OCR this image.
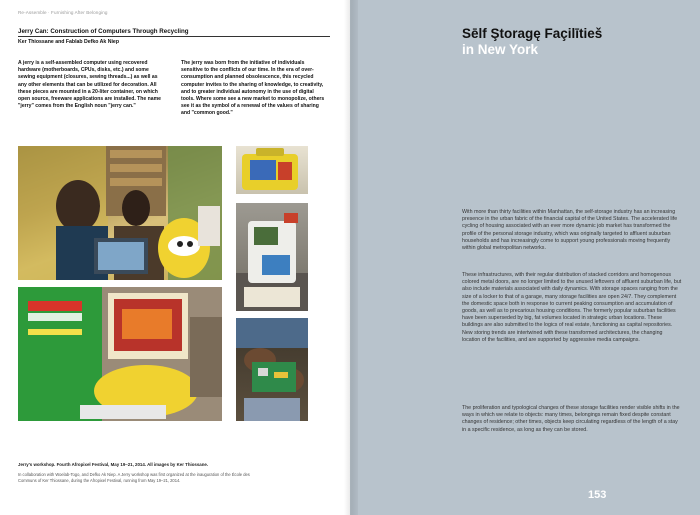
Re-Assemble · Furnishing After Belonging
Jerry Can: Construction of Computers Through Recycling
Ker Thiossane and Fablab Defko Ak Niep

A jerry is a self-assembled computer using recovered hardware (motherboards, CPUs, disks, etc.) and some sewing equipment (closures, sewing threads...) as well as any other elements that can be utilized for decoration. All these pieces are mounted in a 20-liter container, on which open source, freeware applications are installed. The name "jerry" comes from the English noun "jerry can."

The jerry was born from the initiative of individuals sensitive to the conflicts of our time. In the era of over-consumption and planned obsolescence, this recycled computer invites to the sharing of knowledge, to creativity, and to greater individual autonomy in the use of digital tools. Where some see a new market to monopolize, others see it as the symbol of a renewal of the values of sharing and "common good."

Jerry's workshop. Fourth Afropixel Festival, May 19–21, 2014. All images by Ker Thiossane.

In collaboration with Woelab-Togo, and Defko Ak Niep. A Jerry workshop was first organized at the inauguration of the École des Communs of Ker Thiossane, during the Afropixel Festival, running from May 19–21, 2014.

Sēlf Ştoragę Façilītieš
in New York

With more than thirty facilities within Manhattan, the self-storage industry has an increasing presence in the urban fabric of the financial capital of the United States. The accelerated life cycling of housing associated with an ever more dynamic job market has transformed the profile of the personal storage industry, which was originally targeted to affluent suburban households and has increasingly come to support young professionals moving frequently within global metropolitan networks.

These infrastructures, with their regular distribution of stacked corridors and homogenous colored metal doors, are no longer limited to the unused leftovers of affluent suburban life, but also include materials associated with daily dynamics. With storage spaces ranging from the size of a locker to that of a garage, many storage facilities are open 24/7. They complement the domestic space both in response to current peaking consumption and accumulation of goods, as well as to precarious housing conditions. The formerly popular suburban facilities have been superseded by big, fat volumes located in strategic urban locations. These buildings are also submitted to the logics of real estate, functioning as capital repositories. New storing trends are intertwined with these transformed architectures, the changing location of the facilities, and are supported by aggressive media campaigns.

The proliferation and typological changes of these storage facilities render visible shifts in the ways in which we relate to objects: many times, belongings remain fixed despite constant changes of residence; other times, objects keep circulating regardless of the length of a stay in a specific residence, as long as they can be stored.

153
